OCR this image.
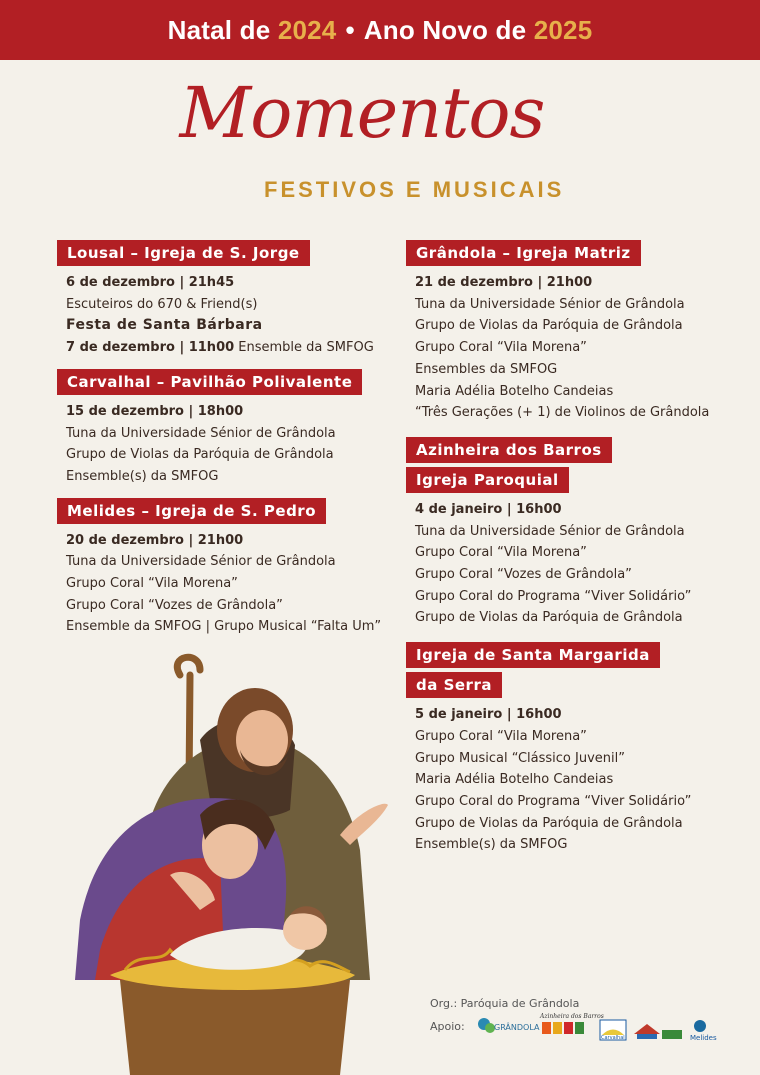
Natal de 2024 • Ano Novo de 2025
Momentos
FESTIVOS E MUSICAIS
Lousal – Igreja de S. Jorge
6 de dezembro | 21h45
Escuteiros do 670 & Friend(s)
Festa de Santa Bárbara
7 de dezembro | 11h00 Ensemble da SMFOG
Carvalhal – Pavilhão Polivalente
15 de dezembro | 18h00
Tuna da Universidade Sénior de Grândola
Grupo de Violas da Paróquia de Grândola
Ensemble(s) da SMFOG
Melides – Igreja de S. Pedro
20 de dezembro | 21h00
Tuna da Universidade Sénior de Grândola
Grupo Coral “Vila Morena”
Grupo Coral “Vozes de Grândola”
Ensemble da SMFOG | Grupo Musical “Falta Um”
Grândola – Igreja Matriz
21 de dezembro | 21h00
Tuna da Universidade Sénior de Grândola
Grupo de Violas da Paróquia de Grândola
Grupo Coral “Vila Morena”
Ensembles da SMFOG
Maria Adélia Botelho Candeias
“Três Gerações (+ 1) de Violinos de Grândola
Azinheira dos Barros

Igreja Paroquial
4 de janeiro | 16h00
Tuna da Universidade Sénior de Grândola
Grupo Coral “Vila Morena”
Grupo Coral “Vozes de Grândola”
Grupo Coral do Programa “Viver Solidário”
Grupo de Violas da Paróquia de Grândola
Igreja de Santa Margarida

da Serra
5 de janeiro | 16h00
Grupo Coral “Vila Morena”
Grupo Musical “Clássico Juvenil”
Maria Adélia Botelho Candeias
Grupo Coral do Programa “Viver Solidário”
Grupo de Violas da Paróquia de Grândola
Ensemble(s) da SMFOG
Org.: Paróquia de Grândola
Apoio:	GRÂNDOLA
Azinheira dos Barros
Carvalhal	Melides
